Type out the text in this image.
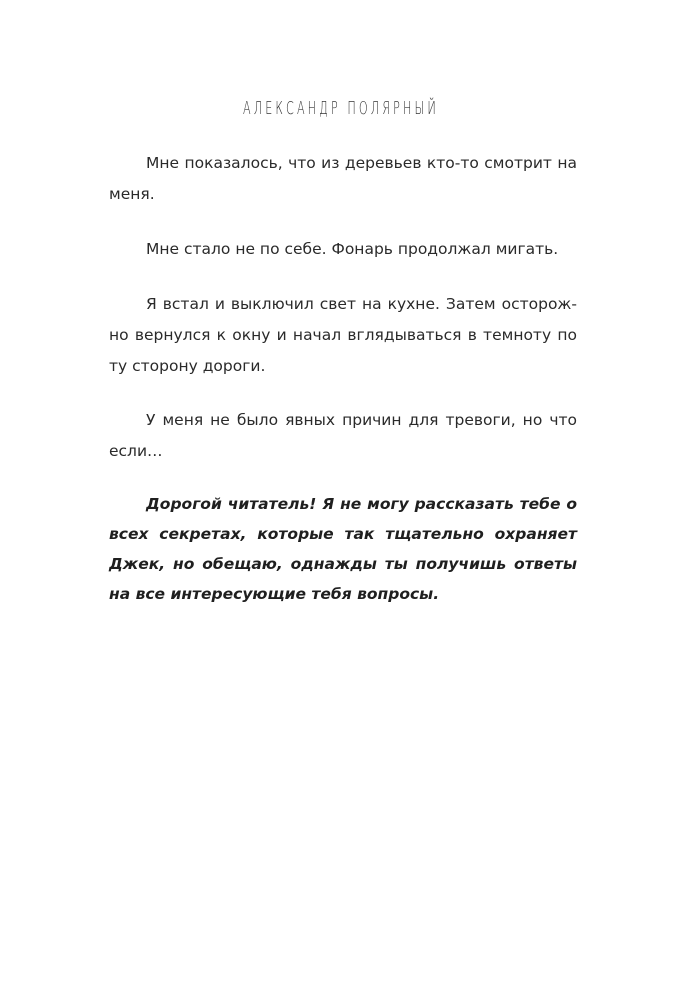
АЛЕКСАНДР ПОЛЯРНЫЙ

Мне показалось, что из деревьев кто-то смотрит на меня.

Мне стало не по себе. Фонарь продолжал мигать.

Я встал и выключил свет на кухне. Затем осторожно вернулся к окну и начал вглядываться в темноту по ту сторону дороги.

У меня не было явных причин для тревоги, но что если…

Дорогой читатель! Я не могу рассказать тебе о всех секретах, которые так тщательно охраняет Джек, но обещаю, однажды ты получишь ответы на все интересующие тебя вопросы.
